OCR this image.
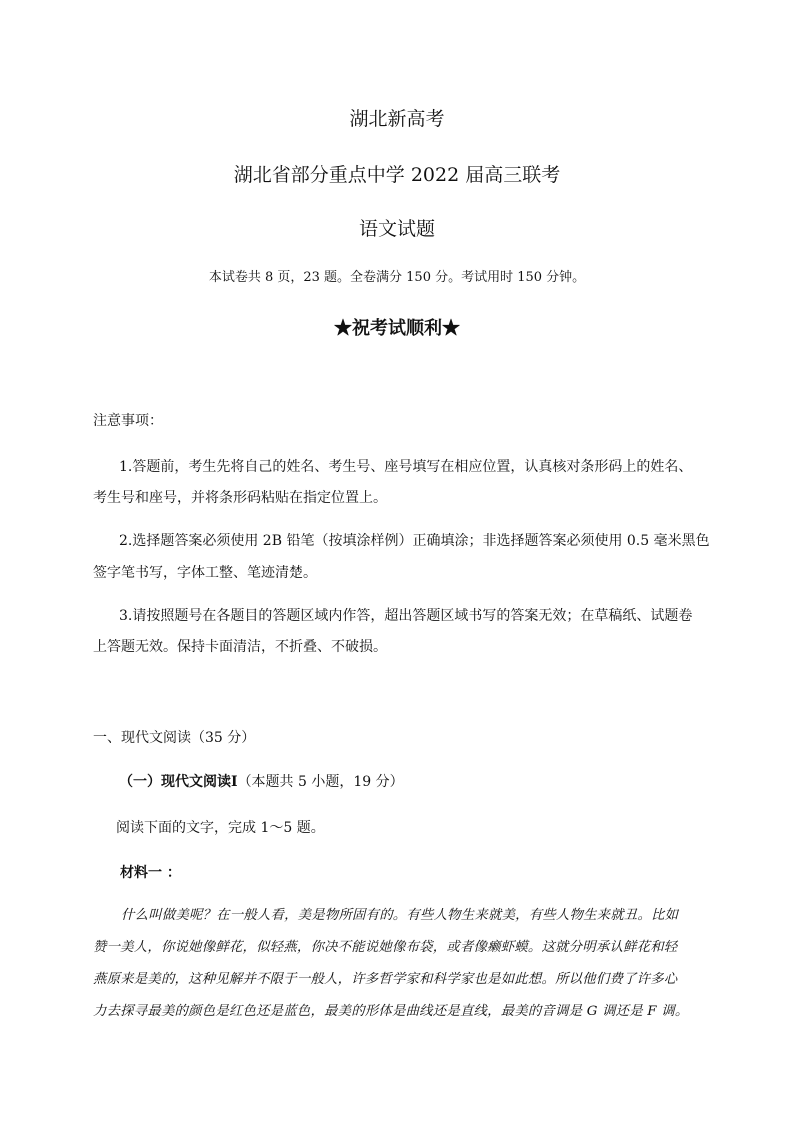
湖北新高考
湖北省部分重点中学 2022 届高三联考
语文试题
本试卷共 8 页，23 题。全卷满分 150 分。考试用时 150 分钟。
★祝考试顺利★
注意事项：
1.答题前，考生先将自己的姓名、考生号、座号填写在相应位置，认真核对条形码上的姓名、
考生号和座号，并将条形码粘贴在指定位置上。
2.选择题答案必须使用 2B 铅笔（按填涂样例）正确填涂；非选择题答案必须使用 0.5 毫米黑色
签字笔书写，字体工整、笔迹清楚。
3.请按照题号在各题目的答题区域内作答，超出答题区域书写的答案无效；在草稿纸、试题卷
上答题无效。保持卡面清洁，不折叠、不破损。
一、现代文阅读（35 分）
（一）现代文阅读Ⅰ（本题共 5 小题，19 分）
阅读下面的文字，完成 1～5 题。
材料一 ：
什么叫做美呢？在一般人看，美是物所固有的。有些人物生来就美，有些人物生来就丑。比如
赞一美人，你说她像鲜花，似轻燕，你决不能说她像布袋，或者像癞虾蟆。这就分明承认鲜花和轻
燕原来是美的，这种见解并不限于一般人，许多哲学家和科学家也是如此想。所以他们费了许多心
力去探寻最美的颜色是红色还是蓝色，最美的形体是曲线还是直线，最美的音调是 G 调还是 F 调。
